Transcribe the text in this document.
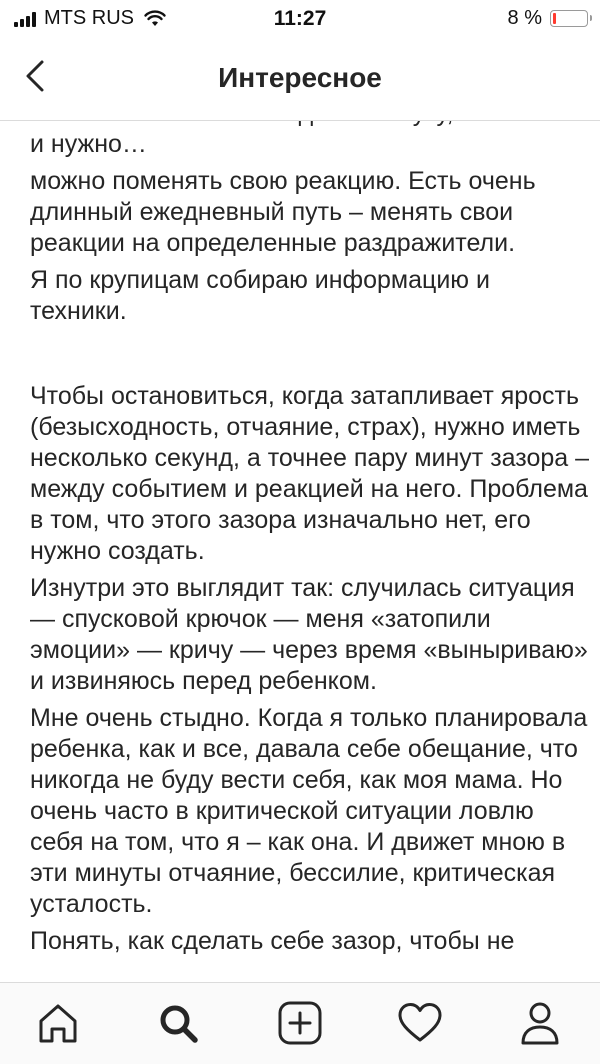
MTS RUS	11:27	8 %
Интересное

и нужно…

можно поменять свою реакцию. Есть очень длинный ежедневный путь – менять свои реакции на определенные раздражители.

Я по крупицам собираю информацию и техники.

Чтобы остановиться, когда затапливает ярость (безысходность, отчаяние, страх), нужно иметь несколько секунд, а точнее пару минут зазора – между событием и реакцией на него. Проблема в том, что этого зазора изначально нет, его нужно создать.

Изнутри это выглядит так: случилась ситуация — спусковой крючок — меня «затопили эмоции» — кричу — через время «выныриваю» и извиняюсь перед ребенком.

Мне очень стыдно. Когда я только планировала ребенка, как и все, давала себе обещание, что никогда не буду вести себя, как моя мама. Но очень часто в критической ситуации ловлю себя на том, что я – как она. И движет мною в эти минуты отчаяние, бессилие, критическая усталость.

Понять, как сделать себе зазор, чтобы не
